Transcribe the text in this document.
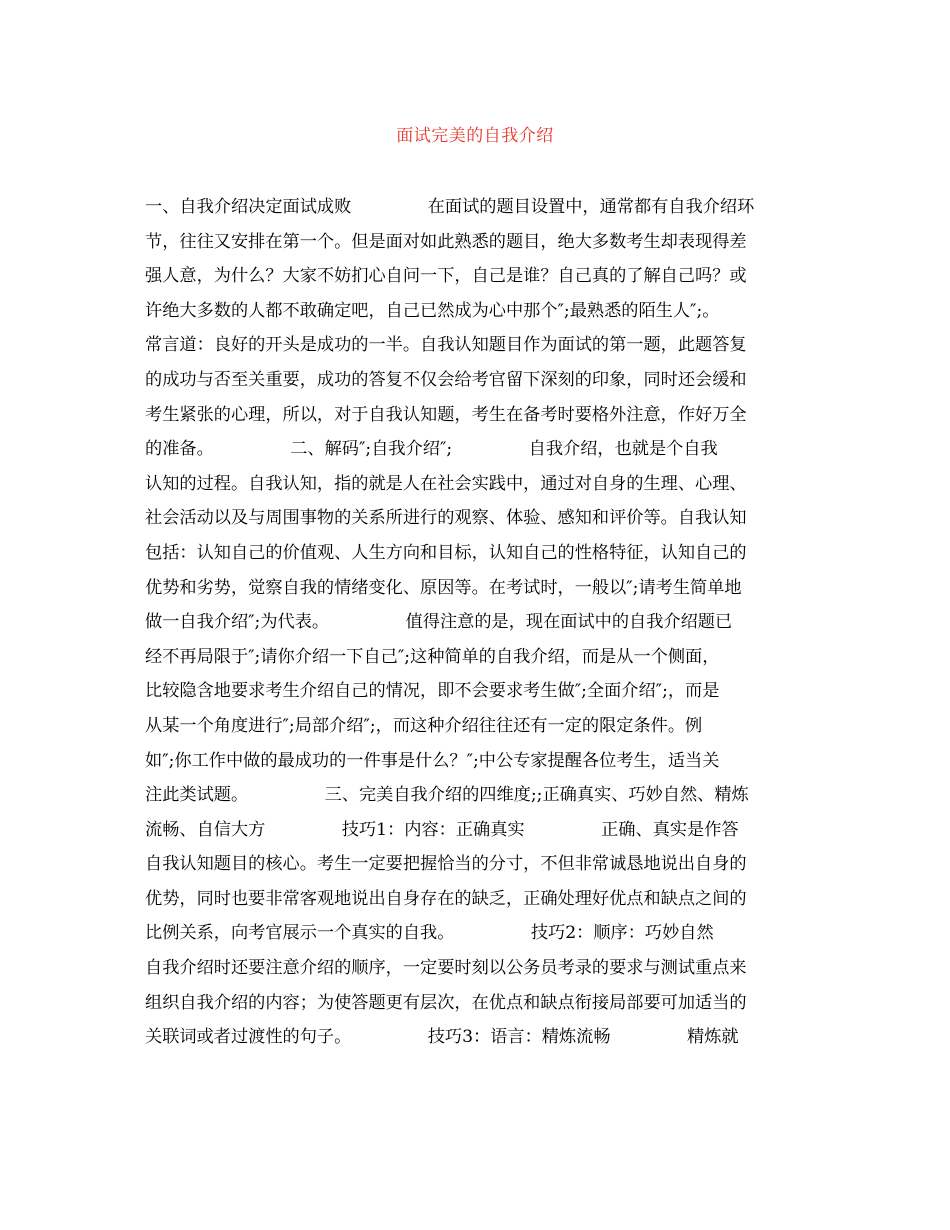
面试完美的自我介绍
一、自我介绍决定面试成败              在面试的题目设置中，通常都有自我介绍环
节，往往又安排在第一个。但是面对如此熟悉的题目，绝大多数考生却表现得差
强人意，为什么？大家不妨扪心自问一下，自己是谁？自己真的了解自己吗？或
许绝大多数的人都不敢确定吧，自己已然成为心中那个″;最熟悉的陌生人″;。
常言道：良好的开头是成功的一半。自我认知题目作为面试的第一题，此题答复
的成功与否至关重要，成功的答复不仅会给考官留下深刻的印象，同时还会缓和
考生紧张的心理，所以，对于自我认知题，考生在备考时要格外注意，作好万全
的准备。              二、解码″;自我介绍″;              自我介绍，也就是个自我
认知的过程。自我认知，指的就是人在社会实践中，通过对自身的生理、心理、
社会活动以及与周围事物的关系所进行的观察、体验、感知和评价等。自我认知
包括：认知自己的价值观、人生方向和目标，认知自己的性格特征，认知自己的
优势和劣势，觉察自我的情绪变化、原因等。在考试时，一般以″;请考生简单地
做一自我介绍″;为代表。              值得注意的是，现在面试中的自我介绍题已
经不再局限于″;请你介绍一下自己″;这种简单的自我介绍，而是从一个侧面，
比较隐含地要求考生介绍自己的情况，即不会要求考生做″;全面介绍″;，而是
从某一个角度进行″;局部介绍″;，而这种介绍往往还有一定的限定条件。例
如″;你工作中做的最成功的一件事是什么？″;中公专家提醒各位考生，适当关
注此类试题。              三、完美自我介绍的四维度;;正确真实、巧妙自然、精炼
流畅、自信大方              技巧1：内容：正确真实              正确、真实是作答
自我认知题目的核心。考生一定要把握恰当的分寸，不但非常诚恳地说出自身的
优势，同时也要非常客观地说出自身存在的缺乏，正确处理好优点和缺点之间的
比例关系，向考官展示一个真实的自我。              技巧2：顺序：巧妙自然
自我介绍时还要注意介绍的顺序，一定要时刻以公务员考录的要求与测试重点来
组织自我介绍的内容；为使答题更有层次，在优点和缺点衔接局部要可加适当的
关联词或者过渡性的句子。              技巧3：语言：精炼流畅              精炼就
